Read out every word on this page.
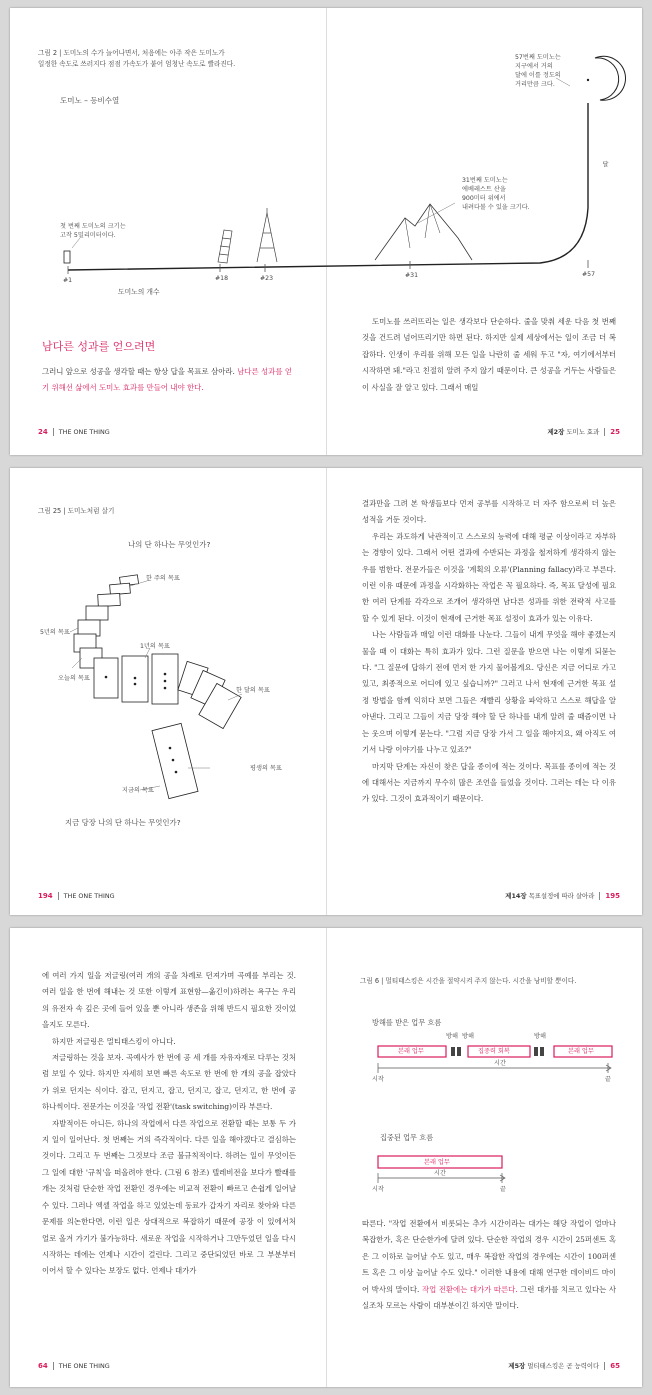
그림 2 | 도미노의 수가 늘어나면서, 처음에는 아주 작은 도미노가
일정한 속도로 쓰러지다 점점 가속도가 붙어 엄청난 속도로 빨라진다.
도미노 – 등비수열
첫 번째 도미노의 크기는
고작 5밀리미터이다.
31번째 도미노는
에베레스트 산을
900미터 위에서
내려다볼 수 있을 크기다.
57번째 도미노는
지구에서 거의
달에 이를 정도의
거리만큼 크다.
달
#1	#18	#23	#31	#57
도미노의 개수
남다른 성과를 얻으려면

그러니 앞으로 성공을 생각할 때는 항상 답을 목표로 삼아라. 남다른 성과를 얻기 위해선 삶에서 도미노 효과를 만들어 내야 한다.

도미노를 쓰러뜨리는 일은 생각보다 단순하다. 줄을 맞춰 세운 다음 첫 번째 것을 건드려 넘어뜨리기만 하면 된다. 하지만 실제 세상에서는 일이 조금 더 복잡하다. 인생이 우리를 위해 모든 일을 나란히 줄 세워 두고 "자, 여기에서부터 시작하면 돼."라고 친절히 알려 주지 않기 때문이다. 큰 성공을 거두는 사람들은 이 사실을 잘 알고 있다. 그래서 매일

24 THE ONE THING	제2장 도미노 효과 25
그림 25 | 도미노처럼 살기
나의 단 하나는 무엇인가?
한 주의 목표
5년의 목표
1년의 목표
오늘의 목표
한 달의 목표
지금의 목표
평생의 목표
지금 당장 나의 단 하나는 무엇인가?

결과만을 그려 본 학생들보다 먼저 공부를 시작하고 더 자주 함으로써 더 높은 성적을 거둔 것이다.

우리는 과도하게 낙관적이고 스스로의 능력에 대해 평균 이상이라고 자부하는 경향이 있다. 그래서 어떤 결과에 수반되는 과정을 철저하게 생각하지 않는 우를 범한다. 전문가들은 이것을 '계획의 오류'(Planning fallacy)라고 부른다. 이런 이유 때문에 과정을 시각화하는 작업은 꼭 필요하다. 즉, 목표 달성에 필요한 여러 단계를 각각으로 조개어 생각하면 남다른 성과를 위한 전략적 사고를 할 수 있게 된다. 이것이 현재에 근거한 목표 설정이 효과가 있는 이유다.

나는 사람들과 매일 이런 대화를 나눈다. 그들이 내게 무엇을 해야 좋겠는지 물을 때 이 대화는 특히 효과가 있다. 그런 질문을 받으면 나는 이렇게 되묻는다. "그 질문에 답하기 전에 먼저 한 가지 물어볼게요. 당신은 지금 어디로 가고 있고, 최종적으로 어디에 있고 싶습니까?" 그러고 나서 현재에 근거한 목표 설정 방법을 함께 익히다 보면 그들은 재빨리 상황을 파악하고 스스로 해답을 알아낸다. 그리고 그들이 지금 당장 해야 할 단 하나를 내게 알려 줄 때즘이면 나는 웃으며 이렇게 묻는다. "그럼 지금 당장 가서 그 일을 해야지요, 왜 아직도 여기서 나랑 이야기를 나누고 있죠?"

마지막 단계는 자신이 찾은 답을 종이에 적는 것이다. 목표를 종이에 적는 것에 대해서는 지금까지 무수히 많은 조언을 들었을 것이다. 그러는 데는 다 이유가 있다. 그것이 효과적이기 때문이다.

194 THE ONE THING	제14장 목표설정에 따라 살아라 195

에 여러 가지 일을 저글링(여러 개의 공을 차례로 던져가며 곡예를 부리는 것. 여러 일을 한 번에 해내는 것 또한 이렇게 표현함—옮긴이)하려는 욕구는 우리의 유전자 속 깊은 곳에 들어 있을 뿐 아니라 생존을 위해 반드시 필요한 것이었을지도 모른다.

하지만 저글링은 멀티태스킹이 아니다.

저글링하는 것을 보자. 곡예사가 한 번에 공 세 개를 자유자재로 다루는 것처럼 보일 수 있다. 하지만 자세히 보면 빠른 속도로 한 번에 한 개의 공을 잡았다가 위로 던지는 식이다. 잡고, 던지고, 잡고, 던지고, 잡고, 던지고, 한 번에 공 하나씩이다. 전문가는 이것을 '작업 전환'(task switching)이라 부른다.

자발적이든 아니든, 하나의 작업에서 다른 작업으로 전환할 때는 보통 두 가지 일이 일어난다. 첫 번째는 거의 즉각적이다. 다른 일을 해야겠다고 결심하는 것이다. 그리고 두 번째는 그것보다 조금 불규칙적이다. 하려는 일이 무엇이든 그 일에 대한 '규칙'을 떠올려야 한다. (그림 6 참조) 텔레비전을 보다가 빨래를 개는 것처럼 단순한 작업 전환인 경우에는 비교적 전환이 빠르고 손쉽게 일어날 수 있다. 그러나 엑셀 작업을 하고 있었는데 동료가 갑자기 자리로 찾아와 다른 문제를 의논한다면, 이런 일은 상대적으로 복잡하기 때문에 공장 이 있에서처 얼로 올겨 가기가 불가능하다. 새로운 작업을 시작하거나 그만두었던 일을 다시 시작하는 데에는 언제나 시간이 걸린다. 그리고 중단되었던 바로 그 부분부터 이어서 할 수 있다는 보장도 없다. 언제나 대가가

그림 6 | 멀티태스킹은 시간을 절약시켜 주지 않는다. 시간을 낭비할 뿐이다.
방해를 받은 업무 흐름
본래 업무	집중력 회복	본래 업무
방해 방해	방해
시간
시작	끝
집중된 업무 흐름
본래 업무
시간
시작	끝

따른다. "작업 전환에서 비롯되는 추가 시간이라는 대가는 해당 작업이 얼마나 복잡한가, 혹은 단순한가에 달려 있다. 단순한 작업의 경우 시간이 25퍼센트 혹은 그 이하로 늘어날 수도 있고, 매우 복잡한 작업의 경우에는 시간이 100퍼센트 혹은 그 이상 늘어날 수도 있다." 이러한 내용에 대해 연구한 데이비드 마이어 박사의 말이다. 작업 전환에는 대가가 따른다. 그런 대가를 치르고 있다는 사실조차 모르는 사람이 대부분이긴 하지만 말이다.

64 THE ONE THING	제5장 멀티태스킹은 곧 능력이다 65
